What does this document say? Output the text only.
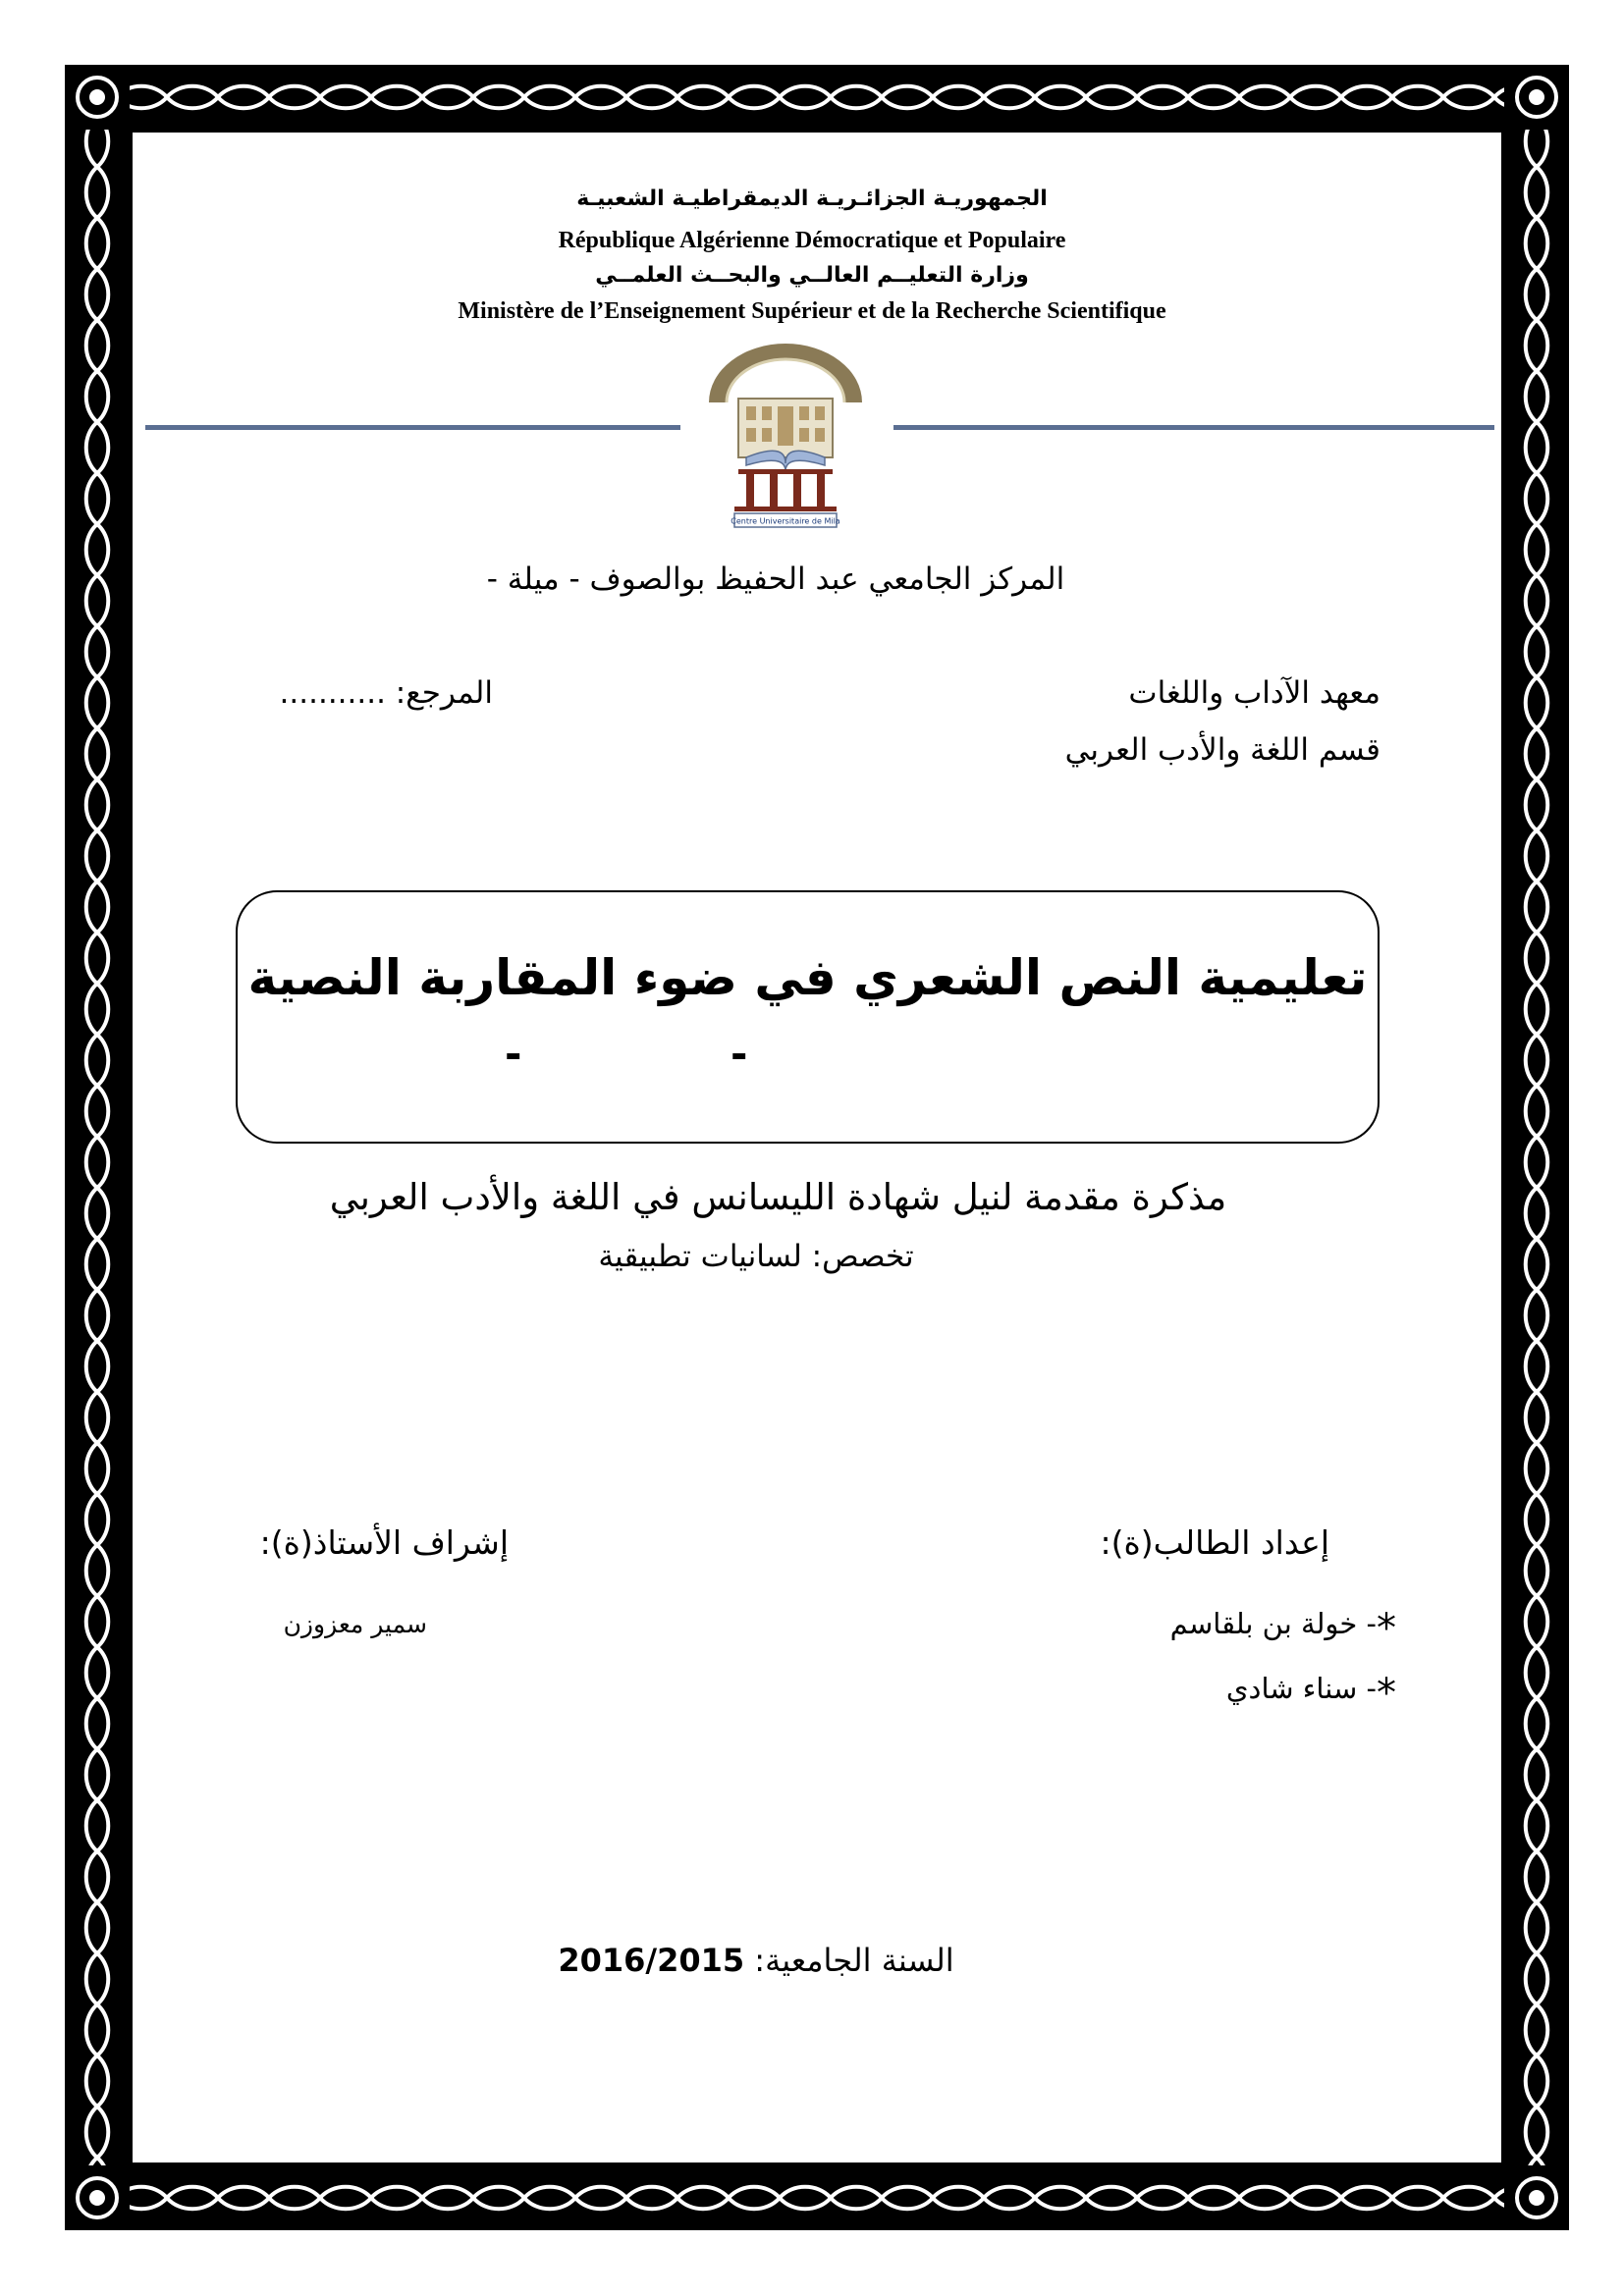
الجمهوريـة الجزائـريـة الديمقراطيـة الشعبيـة
République Algérienne Démocratique et Populaire
وزارة التعليــم العالــي والبحــث العلمــي
Ministère de l’Enseignement Supérieur et de la Recherche Scientifique
Centre Universitaire de Mila
المركز الجامعي عبد الحفيظ بوالصوف - ميلة -
معهد الآداب واللغات
قسم اللغة والأدب العربي
المرجع: ...........
تعليمية النص الشعري في ضوء المقاربة النصية
-	-
مذكرة مقدمة لنيل شهادة الليسانس في اللغة والأدب العربي
تخصص: لسانيات تطبيقية
إعداد الطالب(ة):
*- خولة بن بلقاسم
*- سناء شادي
إشراف الأستاذ(ة):
سمير معزوزن
السنة الجامعية: 2016/2015
